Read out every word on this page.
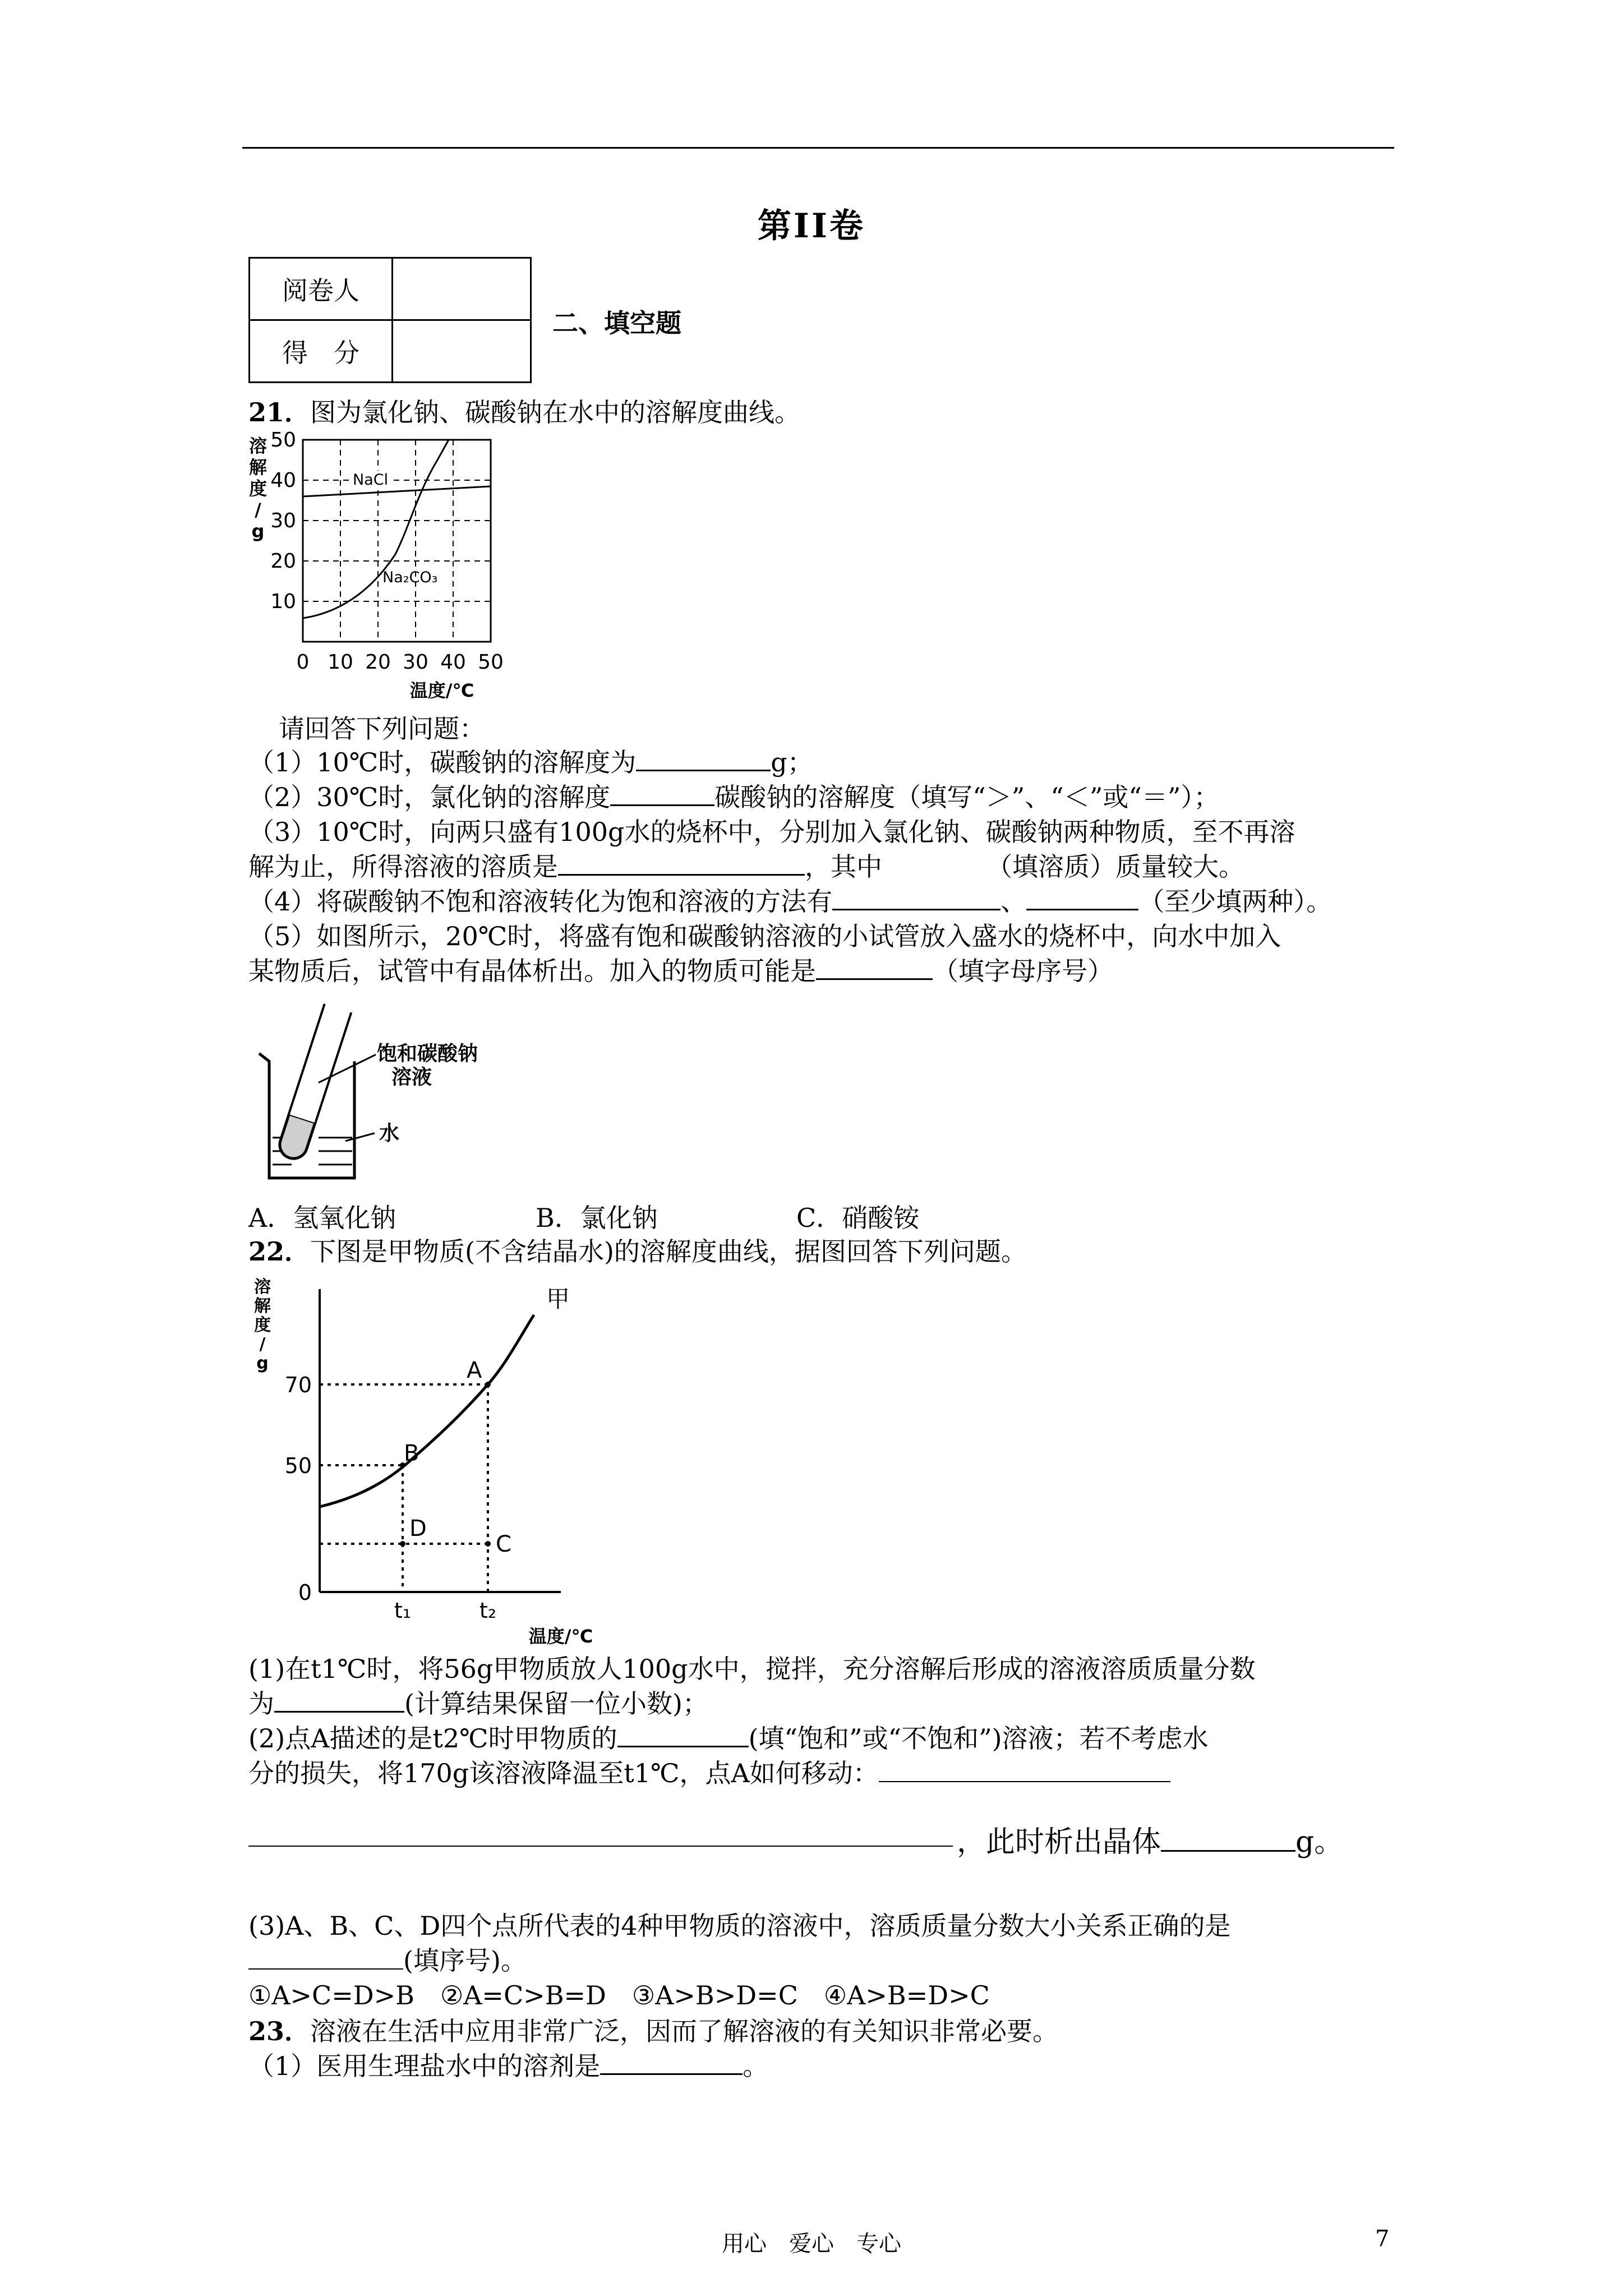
第II卷
阅卷人	
得　分	
二、填空题
21．图为氯化钠、碳酸钠在水中的溶解度曲线。
NaCl
Na₂CO₃
50
40
30
20
10
0 10 20 30 40 50
温度/℃
溶
解
度
/
g
请回答下列问题：
（1）10℃时，碳酸钠的溶解度为	g；
（2）30℃时，氯化钠的溶解度	碳酸钠的溶解度（填写“＞”、“＜”或“＝”）；
（3）10℃时，向两只盛有100g水的烧杯中，分别加入氯化钠、碳酸钠两种物质，至不再溶
解为止，所得溶液的溶质是	，其中	（填溶质）质量较大。
（4）将碳酸钠不饱和溶液转化为饱和溶液的方法有	、	（至少填两种）。
（5）如图所示，20℃时，将盛有饱和碳酸钠溶液的小试管放入盛水的烧杯中，向水中加入
某物质后，试管中有晶体析出。加入的物质可能是	（填字母序号）
饱和碳酸钠
溶液
水
A．氢氧化钠	B．氯化钠	C．硝酸铵
22．下图是甲物质(不含结晶水)的溶解度曲线，据图回答下列问题。
A
B
C
D
甲
70
50
0
t₁	t₂
温度/℃
溶
解
度
/
g
(1)在t1℃时，将56g甲物质放人100g水中，搅拌，充分溶解后形成的溶液溶质质量分数
为	(计算结果保留一位小数)；
(2)点A描述的是t2℃时甲物质的	(填“饱和”或“不饱和”)溶液；若不考虑水
分的损失，将170g该溶液降温至t1℃，点A如何移动：
，此时析出晶体	g。
(3)A、B、C、D四个点所代表的4种甲物质的溶液中，溶质质量分数大小关系正确的是
(填序号)。
①A>C=D>B　②A=C>B=D　③A>B>D=C　④A>B=D>C
23．溶液在生活中应用非常广泛，因而了解溶液的有关知识非常必要。
（1）医用生理盐水中的溶剂是	。
用心　爱心　专心	7
